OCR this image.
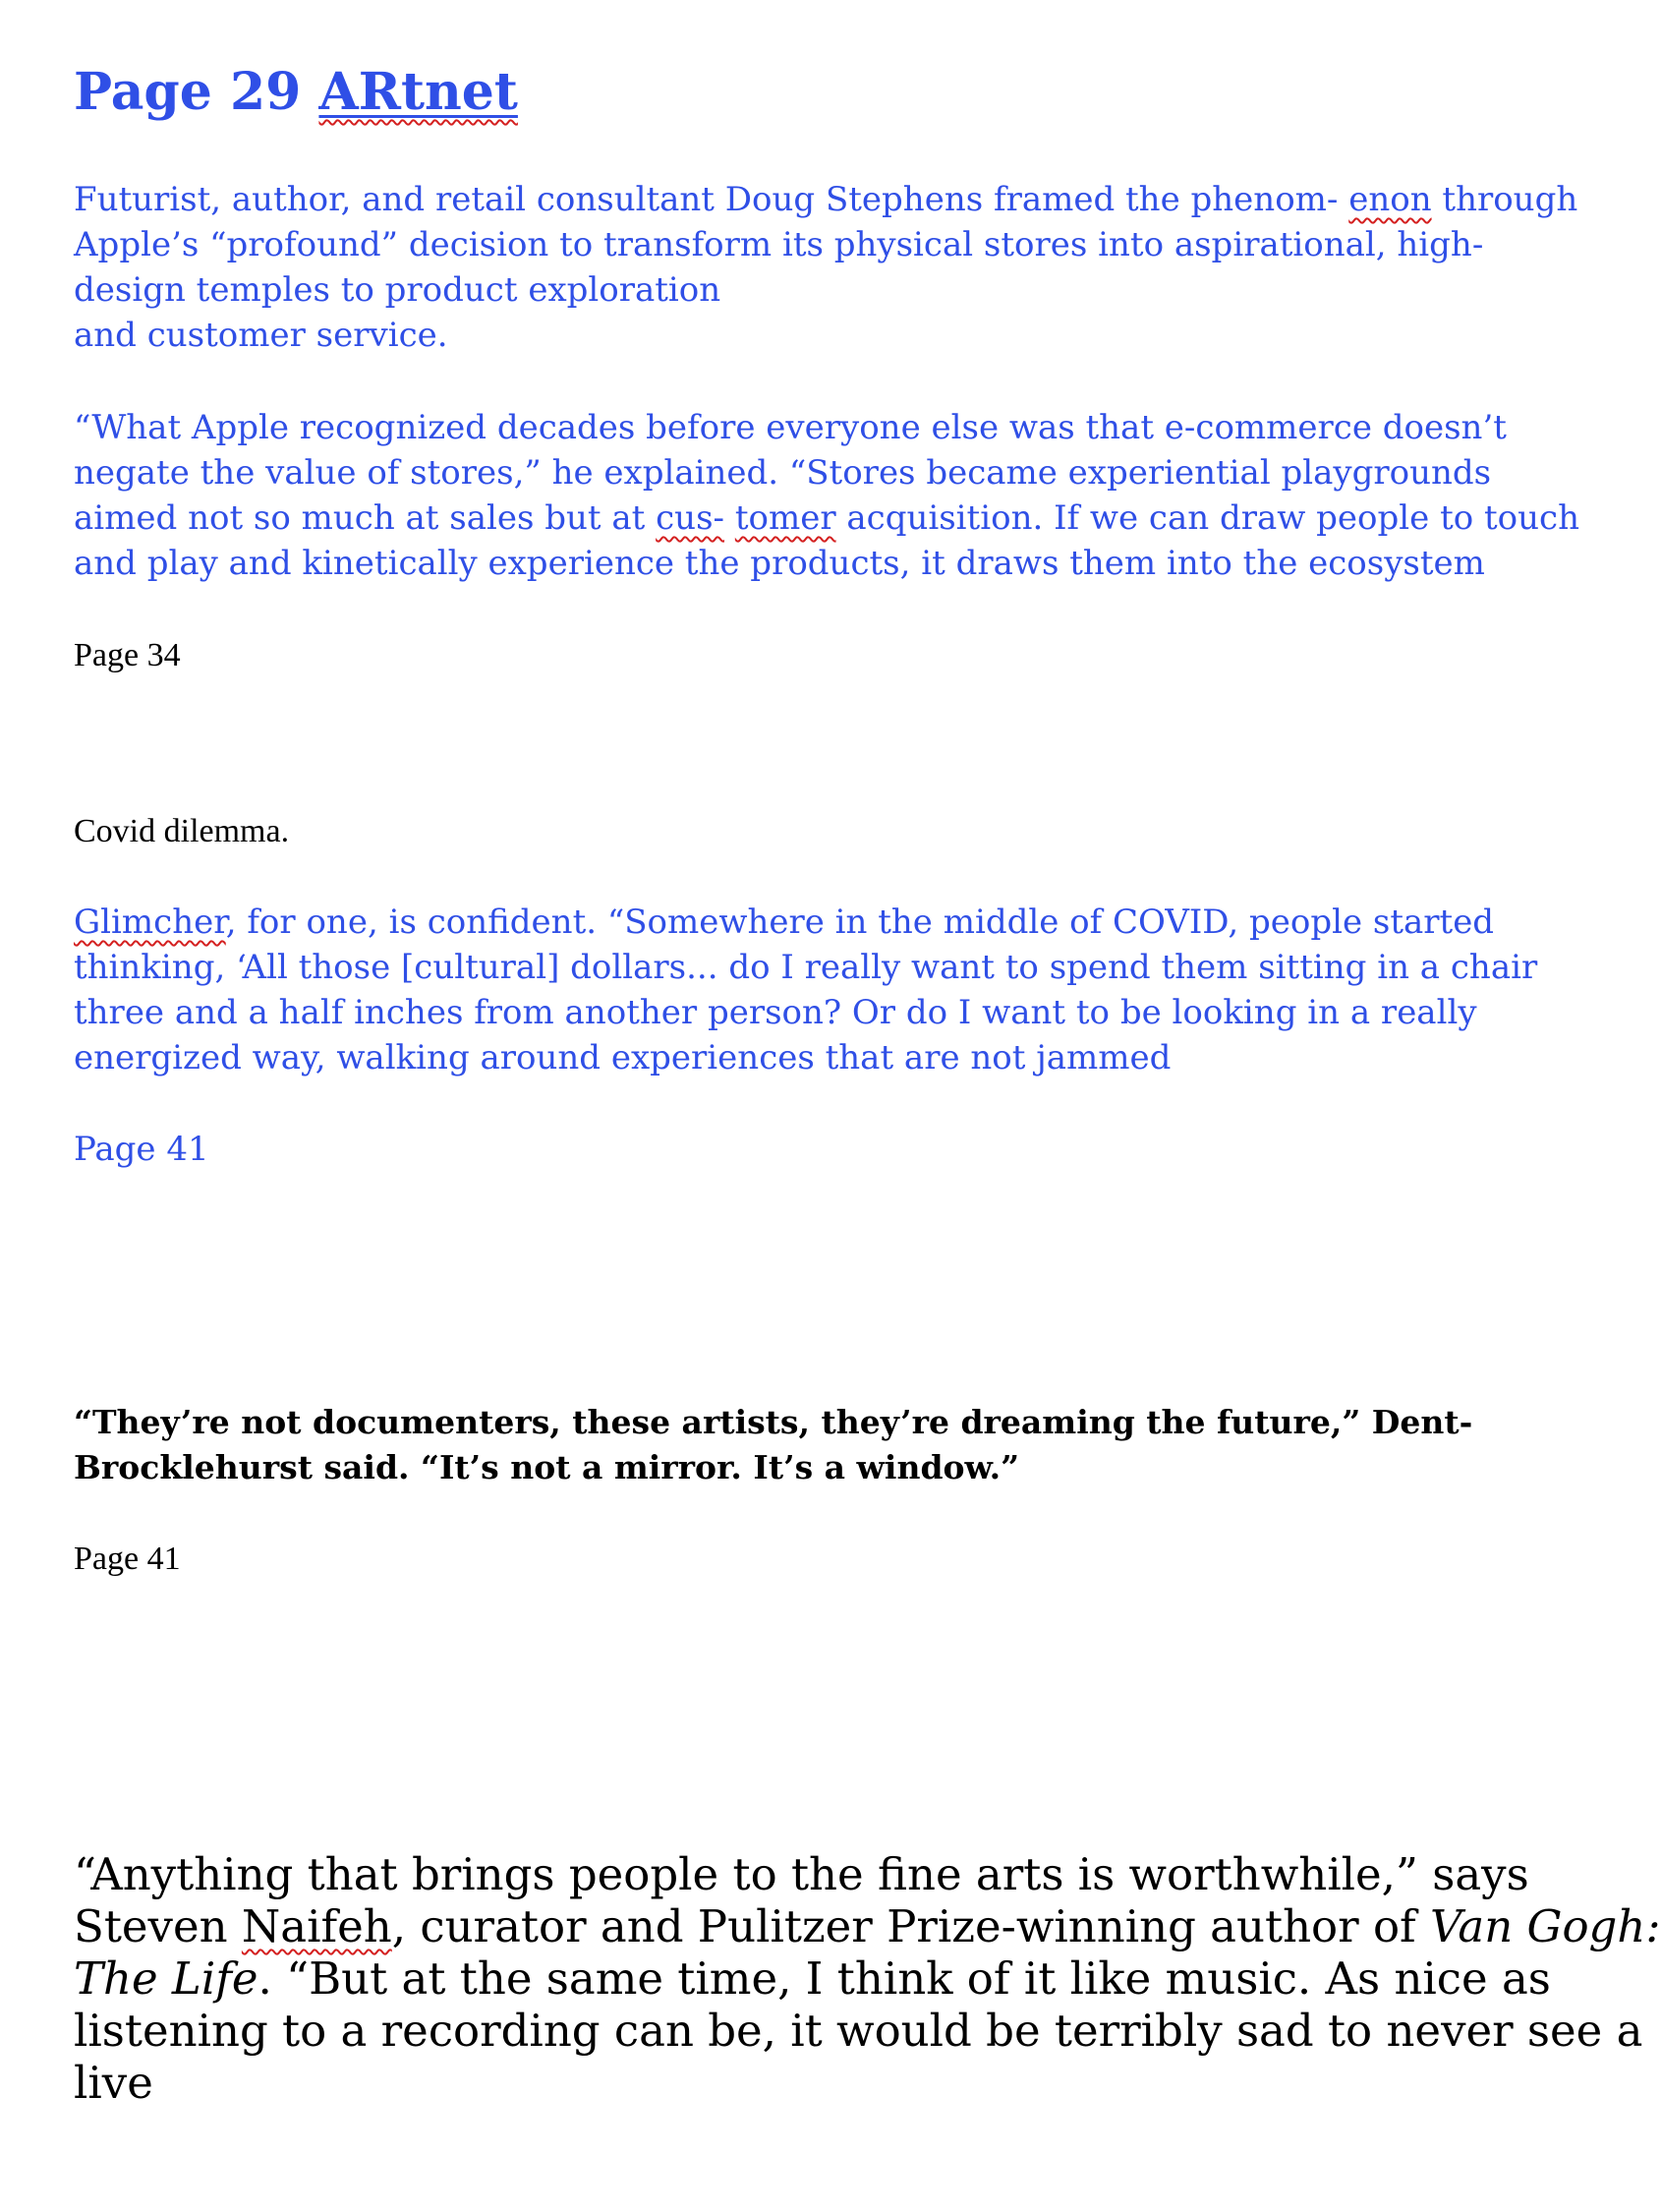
Page 29 ARtnet

Futurist, author, and retail consultant Doug Stephens framed the phenom- enon through
Apple’s “profound” decision to transform its physical stores into aspirational, high-
design temples to product exploration
and customer service.

“What Apple recognized decades before everyone else was that e-commerce doesn’t
negate the value of stores,” he explained. “Stores became experiential playgrounds
aimed not so much at sales but at cus- tomer acquisition. If we can draw people to touch
and play and kinetically experience the products, it draws them into the ecosystem

Page 34

Covid dilemma.

Glimcher, for one, is confident. “Somewhere in the middle of COVID, people started
thinking, ‘All those [cultural] dollars... do I really want to spend them sitting in a chair
three and a half inches from another person? Or do I want to be looking in a really
energized way, walking around experiences that are not jammed

Page 41

“They’re not documenters, these artists, they’re dreaming the future,” Dent-
Brocklehurst said. “It’s not a mirror. It’s a window.”

Page 41

“Anything that brings people to the fine arts is worthwhile,” says
Steven Naifeh, curator and Pulitzer Prize-winning author of Van Gogh:
The Life. “But at the same time, I think of it like music. As nice as
listening to a recording can be, it would be terribly sad to never see a
live
